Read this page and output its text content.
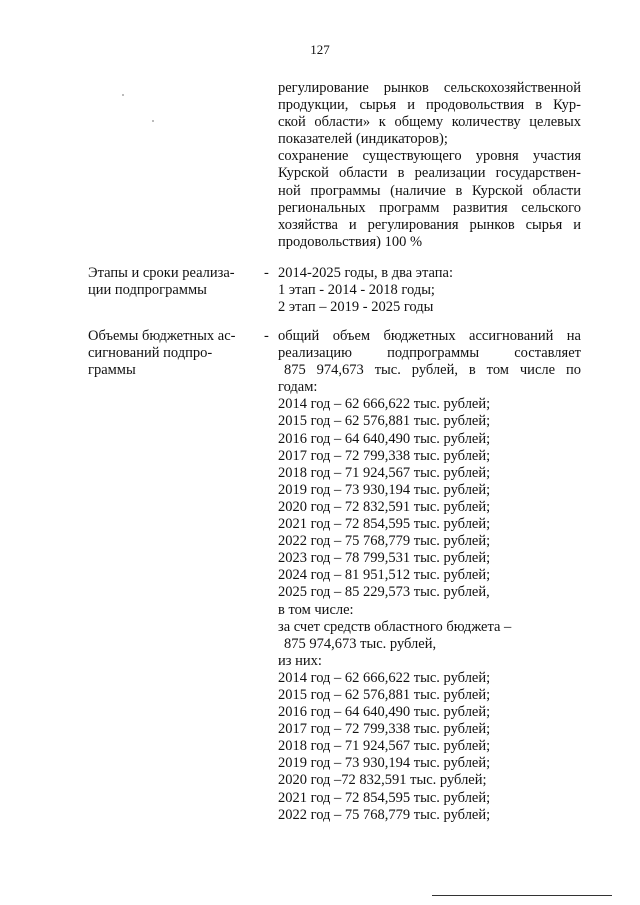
127
регулирование рынков сельскохозяйственной
продукции, сырья и продовольствия в Кур-
ской области» к общему количеству целевых
показателей (индикаторов);
сохранение существующего уровня участия
Курской области в реализации государствен-
ной программы (наличие в Курской области
региональных программ развития сельского
хозяйства и регулирования рынков сырья и
продовольствия) 100 %
Этапы и сроки реализа-
ции подпрограммы
- 2014-2025 годы, в два этапа:
1 этап - 2014 - 2018 годы;
2 этап – 2019 - 2025 годы
Объемы бюджетных ас-
сигнований подпро-
граммы
- общий объем бюджетных ассигнований на
реализацию подпрограммы составляет
875 974,673 тыс. рублей, в том числе по
годам:
2014 год – 62 666,622 тыс. рублей;
2015 год – 62 576,881 тыс. рублей;
2016 год – 64 640,490 тыс. рублей;
2017 год – 72 799,338 тыс. рублей;
2018 год – 71 924,567 тыс. рублей;
2019 год – 73 930,194 тыс. рублей;
2020 год – 72 832,591 тыс. рублей;
2021 год – 72 854,595 тыс. рублей;
2022 год – 75 768,779 тыс. рублей;
2023 год – 78 799,531 тыс. рублей;
2024 год – 81 951,512 тыс. рублей;
2025 год – 85 229,573 тыс. рублей,
в том числе:
за счет средств областного бюджета –
875 974,673 тыс. рублей,
из них:
2014 год – 62 666,622 тыс. рублей;
2015 год – 62 576,881 тыс. рублей;
2016 год – 64 640,490 тыс. рублей;
2017 год – 72 799,338 тыс. рублей;
2018 год – 71 924,567 тыс. рублей;
2019 год – 73 930,194 тыс. рублей;
2020 год –72 832,591 тыс. рублей;
2021 год – 72 854,595 тыс. рублей;
2022 год – 75 768,779 тыс. рублей;
